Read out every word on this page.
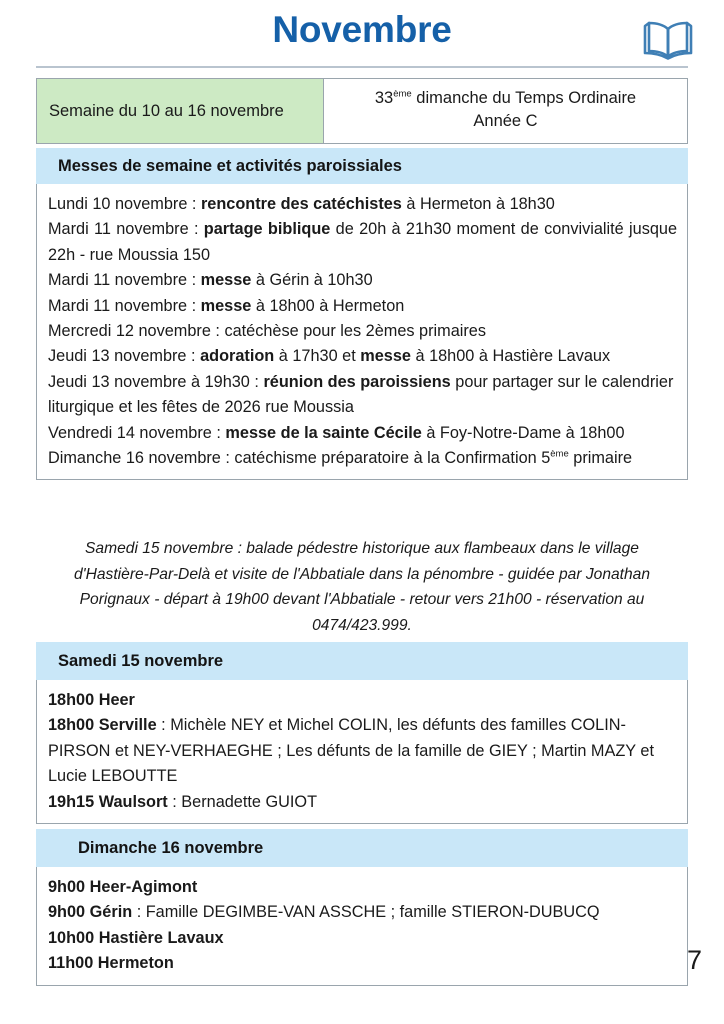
Novembre
Semaine du 10 au 16 novembre
33ème dimanche du Temps Ordinaire
Année C
Messes de semaine et activités paroissiales

Lundi 10 novembre : rencontre des catéchistes à Hermeton à 18h30

Mardi 11 novembre : partage biblique de 20h à 21h30 moment de convivialité jusque 22h - rue Moussia 150

Mardi 11 novembre : messe à Gérin à 10h30

Mardi 11 novembre : messe à 18h00 à Hermeton

Mercredi 12 novembre : catéchèse pour les 2èmes primaires

Jeudi 13 novembre : adoration à 17h30 et messe à 18h00 à Hastière Lavaux

Jeudi 13 novembre à 19h30 : réunion des paroissiens pour partager sur le calendrier liturgique et les fêtes de 2026 rue Moussia

Vendredi 14 novembre : messe de la sainte Cécile à Foy-Notre-Dame à 18h00

Dimanche 16 novembre : catéchisme préparatoire à la Confirmation 5ème primaire

Samedi 15 novembre : balade pédestre historique aux flambeaux dans le village d'Hastière-Par-Delà et visite de l'Abbatiale dans la pénombre - guidée par Jonathan Porignaux - départ à 19h00 devant l'Abbatiale - retour vers 21h00 - réservation au 0474/423.999.
Samedi 15 novembre

18h00 Heer

18h00 Serville : Michèle NEY et Michel COLIN, les défunts des familles COLIN-PIRSON et NEY-VERHAEGHE ; Les défunts de la famille de GIEY ; Martin MAZY et Lucie LEBOUTTE

19h15 Waulsort : Bernadette GUIOT

Dimanche 16 novembre

9h00 Heer-Agimont

9h00 Gérin : Famille DEGIMBE-VAN ASSCHE ; famille STIERON-DUBUCQ

10h00 Hastière Lavaux

11h00 Hermeton	7
